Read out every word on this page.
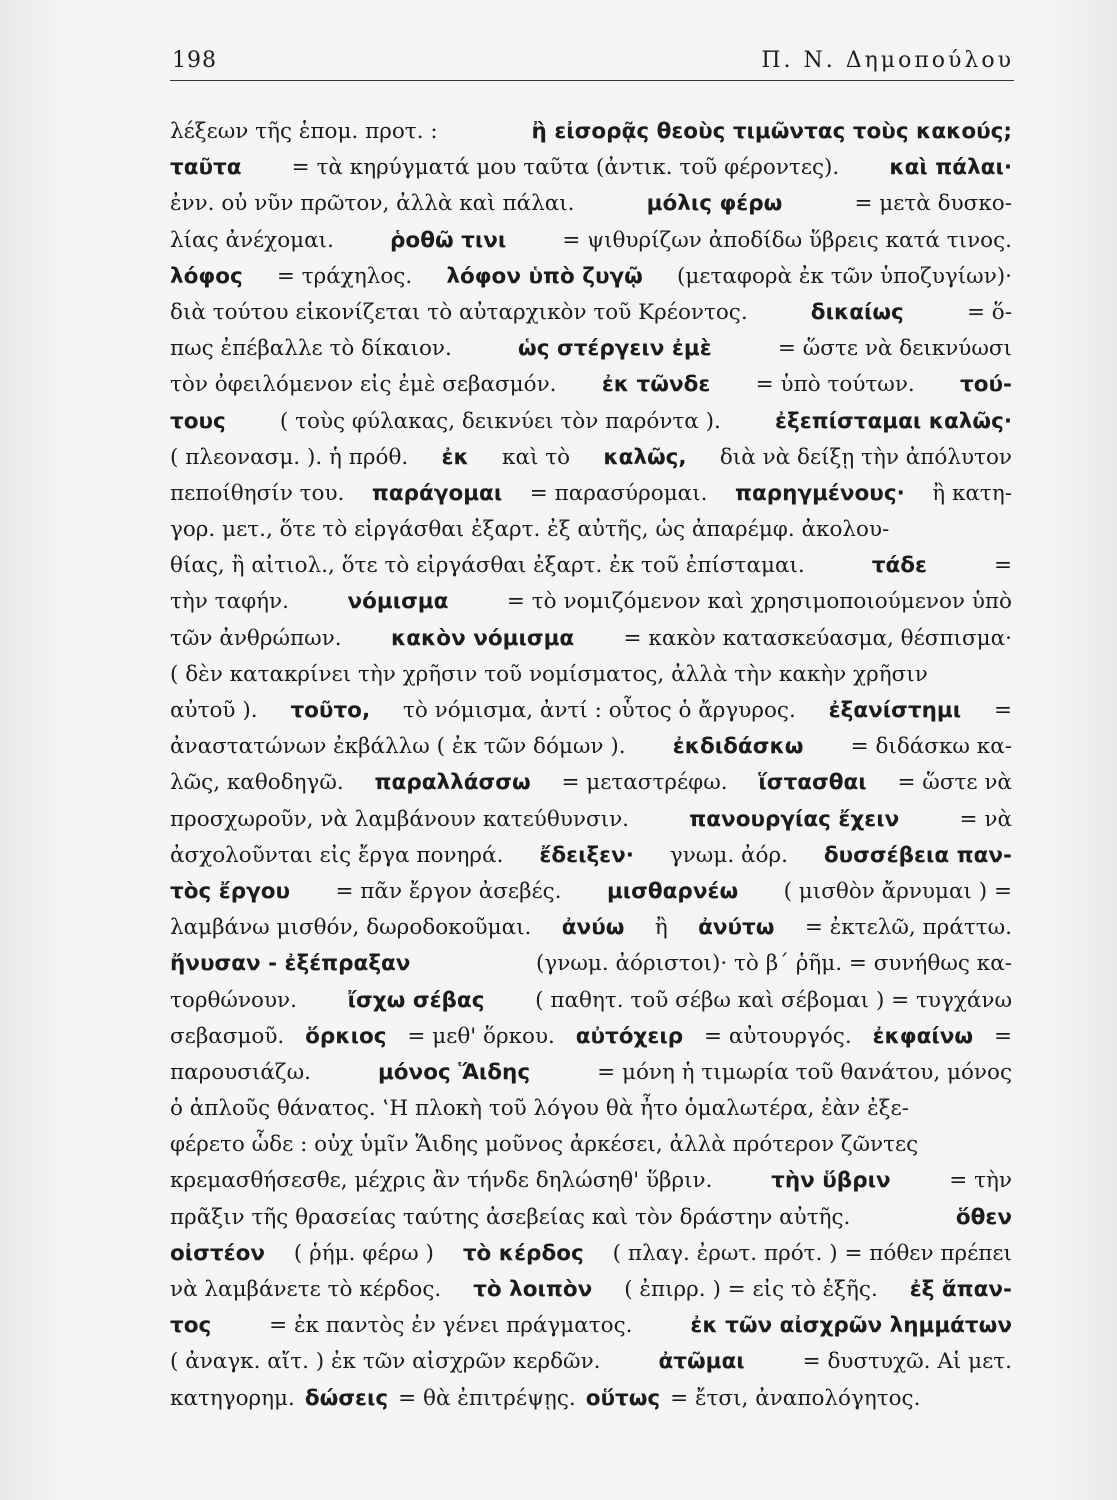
198	Π. Ν. Δημοπούλου
λέξεων τῆς ἑπομ. προτ. :	ἢ εἰσορᾷς θεοὺς τιμῶντας τοὺς κακούς;
ταῦτα = τὰ κηρύγματά μου ταῦτα (ἀντικ. τοῦ φέροντες). καὶ πάλαι·
ἐνν. οὐ νῦν πρῶτον, ἀλλὰ καὶ πάλαι.	μόλις φέρω	= μετὰ δυσκο-
λίας ἀνέχομαι.	ῥοθῶ τινι	= ψιθυρίζων ἀποδίδω ὕβρεις κατά τινος.
λόφος = τράχηλος. λόφον ὑπὸ ζυγῷ (μεταφορὰ ἐκ τῶν ὑποζυγίων)·
διὰ τούτου εἰκονίζεται τὸ αὐταρχικὸν τοῦ Κρέοντος.	δικαίως	= ὅ-
πως ἐπέβαλλε τὸ δίκαιον.	ὡς στέργειν ἐμὲ	= ὥστε νὰ δεικνύωσι
τὸν ὀφειλόμενον εἰς ἐμὲ σεβασμόν. ἐκ τῶνδε = ὑπὸ τούτων. τού-
τους	( τοὺς φύλακας, δεικνύει τὸν παρόντα ).	ἐξεπίσταμαι καλῶς·
( πλεονασμ. ). ἡ πρόθ. ἐκ καὶ τὸ καλῶς, διὰ νὰ δείξῃ τὴν ἀπόλυτον
πεποίθησίν του. παράγομαι = παρασύρομαι. παρηγμένους· ἢ κατη-
γορ. μετ., ὅτε τὸ εἰργάσθαι ἐξαρτ. ἐξ αὐτῆς, ὡς ἀπαρέμφ. ἀκολου-
θίας, ἢ αἰτιολ., ὅτε τὸ εἰργάσθαι ἐξαρτ. ἐκ τοῦ ἐπίσταμαι.	τάδε	=
τὴν ταφήν.	νόμισμα	= τὸ νομιζόμενον καὶ χρησιμοποιούμενον ὑπὸ
τῶν ἀνθρώπων. κακὸν νόμισμα = κακὸν κατασκεύασμα, θέσπισμα·
( δὲν κατακρίνει τὴν χρῆσιν τοῦ νομίσματος, ἀλλὰ τὴν κακὴν χρῆσιν
αὐτοῦ ). τοῦτο, τὸ νόμισμα, ἀντί : οὗτος ὁ ἄργυρος. ἐξανίστημι =
ἀναστατώνων ἐκβάλλω ( ἐκ τῶν δόμων ). ἐκδιδάσκω = διδάσκω κα-
λῶς, καθοδηγῶ. παραλλάσσω = μεταστρέφω. ἵστασθαι = ὥστε νὰ
προσχωροῦν, νὰ λαμβάνουν κατεύθυνσιν.	πανουργίας ἔχειν	= νὰ
ἀσχολοῦνται εἰς ἔργα πονηρά. ἔδειξεν· γνωμ. ἀόρ. δυσσέβεια παν-
τὸς ἔργου = πᾶν ἔργον ἀσεβές. μισθαρνέω ( μισθὸν ἄρνυμαι ) =
λαμβάνω μισθόν, δωροδοκοῦμαι. ἀνύω ἢ ἀνύτω = ἐκτελῶ, πράττω.
ἤνυσαν - ἐξέπραξαν	(γνωμ. ἀόριστοι)· τὸ β΄ ῥῆμ. = συνήθως κα-
τορθώνουν. ἴσχω σέβας ( παθητ. τοῦ σέβω καὶ σέβομαι ) = τυγχάνω
σεβασμοῦ. ὅρκιος = μεθ' ὅρκου. αὐτόχειρ = αὐτουργός. ἐκφαίνω =
παρουσιάζω.	μόνος Ἅιδης	= μόνη ἡ τιμωρία τοῦ θανάτου, μόνος
ὁ ἁπλοῦς θάνατος. ‛Η πλοκὴ τοῦ λόγου θὰ ἦτο ὁμαλωτέρα, ἐὰν ἐξε-
φέρετο ὧδε : οὐχ ὑμῖν Ἅιδης μοῦνος ἀρκέσει, ἀλλὰ πρότερον ζῶντες
κρεμασθήσεσθε, μέχρις ἂν τήνδε δηλώσηθ' ὕβριν.	τὴν ὕβριν	= τὴν
πρᾶξιν τῆς θρασείας ταύτης ἀσεβείας καὶ τὸν δράστην αὐτῆς.	ὅθεν
οἰστέον ( ῥήμ. φέρω ) τὸ κέρδος ( πλαγ. ἐρωτ. πρότ. ) = πόθεν πρέπει
νὰ λαμβάνετε τὸ κέρδος. τὸ λοιπὸν ( ἐπιρρ. ) = εἰς τὸ ἑξῆς. ἐξ ἅπαν-
τος	= ἐκ παντὸς ἐν γένει πράγματος.	ἐκ τῶν αἰσχρῶν λημμάτων
( ἀναγκ. αἴτ. ) ἐκ τῶν αἰσχρῶν κερδῶν.	ἀτῶμαι	= δυστυχῶ. Αἱ μετ.
κατηγορημ. δώσεις = θὰ ἐπιτρέψῃς. οὕτως = ἔτσι, ἀναπολόγητος.
